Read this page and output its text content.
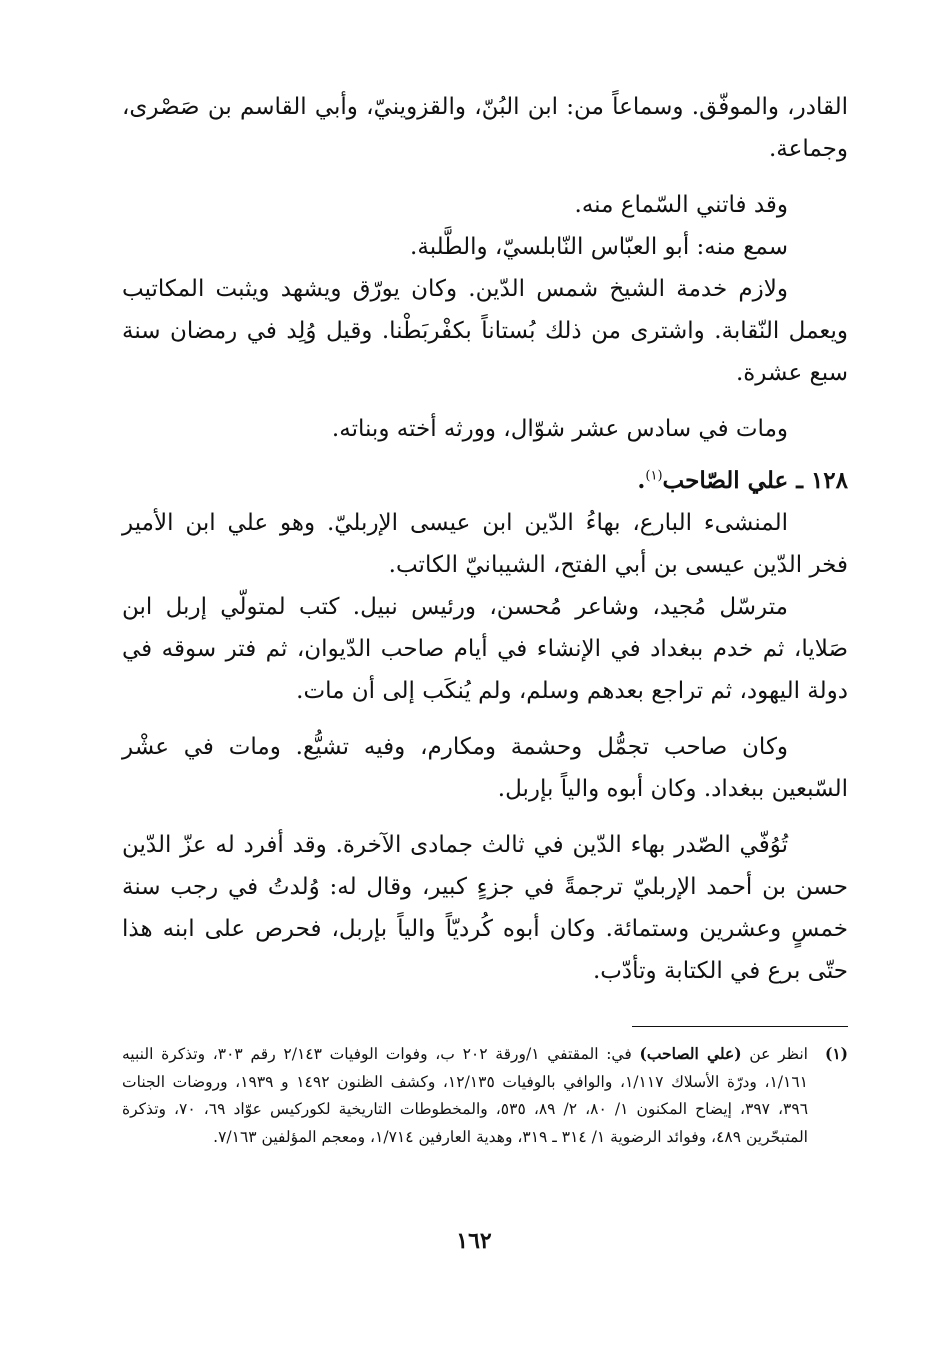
القادر، والموفّق. وسماعاً من: ابن البُنّ، والقزوينيّ، وأبي القاسم بن صَصْرى، وجماعة.

وقد فاتني السّماع منه.

سمع منه: أبو العبّاس النّابلسيّ، والطَّلبة.

ولازم خدمة الشيخ شمس الدّين. وكان يورّق ويشهد ويثبت المكاتيب ويعمل النّقابة. واشترى من ذلك بُستاناً بكفْربَطْنا. وقيل وُلِد في رمضان سنة سبع عشرة.

ومات في سادس عشر شوّال، وورثه أخته وبناته.

١٢٨ ـ علي الصّاحب$^{(١)}$.

المنشىء البارع، بهاءُ الدّين ابن عيسى الإربليّ. وهو علي ابن الأمير فخر الدّين عيسى بن أبي الفتح، الشيبانيّ الكاتب.

مترسّل مُجيد، وشاعر مُحسن، ورئيس نبيل. كتب لمتولّي إربل ابن صَلايا، ثم خدم ببغداد في الإنشاء في أيام صاحب الدّيوان، ثم فتر سوقه في دولة اليهود، ثم تراجع بعدهم وسلم، ولم يُنكَب إلى أن مات.

وكان صاحب تجمُّل وحشمة ومكارم، وفيه تشيُّع. ومات في عشْر السّبعين ببغداد. وكان أبوه والياً بإربل.

تُوُفّي الصّدر بهاء الدّين في ثالث جمادى الآخرة. وقد أفرد له عزّ الدّين حسن بن أحمد الإربليّ ترجمةً في جزءٍ كبير، وقال له: وُلدتُ في رجب سنة خمسٍ وعشرين وستمائة. وكان أبوه كُرديّاً والياً بإربل، فحرص على ابنه هذا حتّى برع في الكتابة وتأدّب.

(١)
انظر عن (علي الصاحب) في: المقتفي ١/ورقة ٢٠٢ ب، وفوات الوفيات ٢/١٤٣ رقم ٣٠٣، وتذكرة النبيه ١/١٦١، ودرّة الأسلاك ١/١١٧، والوافي بالوفيات ١٢/١٣٥، وكشف الظنون ١٤٩٢ و ١٩٣٩، وروضات الجنات ٣٩٦، ٣٩٧، إيضاح المكنون ١/ ٨٠، ٢/ ٨٩، ٥٣٥، والمخطوطات التاريخية لكوركيس عوّاد ٦٩، ٧٠، وتذكرة المتبحّرين ٤٨٩، وفوائد الرضوية ١/ ٣١٤ ـ ٣١٩، وهدية العارفين ١/٧١٤، ومعجم المؤلفين ٧/١٦٣.
١٦٢
